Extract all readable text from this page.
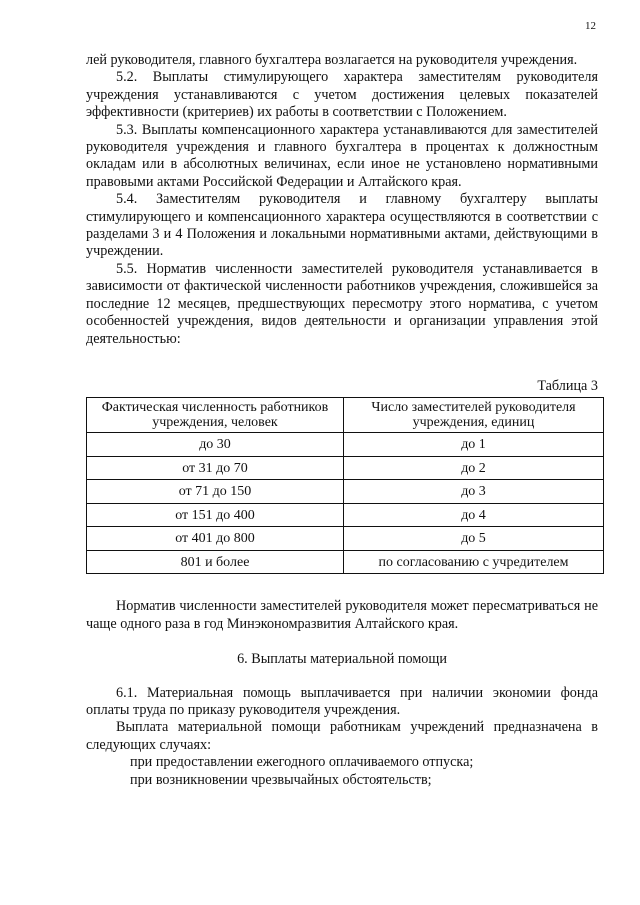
12

лей руководителя, главного бухгалтера возлагается на руководителя учреждения.

5.2. Выплаты стимулирующего характера заместителям руководителя учреждения устанавливаются с учетом достижения целевых показателей эффективности (критериев) их работы в соответствии с Положением.

5.3. Выплаты компенсационного характера устанавливаются для заместителей руководителя учреждения и главного бухгалтера в процентах к должностным окладам или в абсолютных величинах, если иное не установлено нормативными правовыми актами Российской Федерации и Алтайского края.

5.4. Заместителям руководителя и главному бухгалтеру выплаты стимулирующего и компенсационного характера осуществляются в соответствии с разделами 3 и 4 Положения и локальными нормативными актами, действующими в учреждении.

5.5. Норматив численности заместителей руководителя устанавливается в зависимости от фактической численности работников учреждения, сложившейся за последние 12 месяцев, предшествующих пересмотру этого норматива, с учетом особенностей учреждения, видов деятельности и организации управления этой деятельностью:

Таблица 3

Фактическая численность работников учреждения, человек	Число заместителей руководителя учреждения, единиц
до 30	до 1
от 31 до 70	до 2
от 71 до 150	до 3
от 151 до 400	до 4
от 401 до 800	до 5
801 и более	по согласованию с учредителем

Норматив численности заместителей руководителя может пересматриваться не чаще одного раза в год Минэкономразвития Алтайского края.

6. Выплаты материальной помощи

6.1. Материальная помощь выплачивается при наличии экономии фонда оплаты труда по приказу руководителя учреждения.

Выплата материальной помощи работникам учреждений предназначена в следующих случаях:

при предоставлении ежегодного оплачиваемого отпуска;

при возникновении чрезвычайных обстоятельств;
